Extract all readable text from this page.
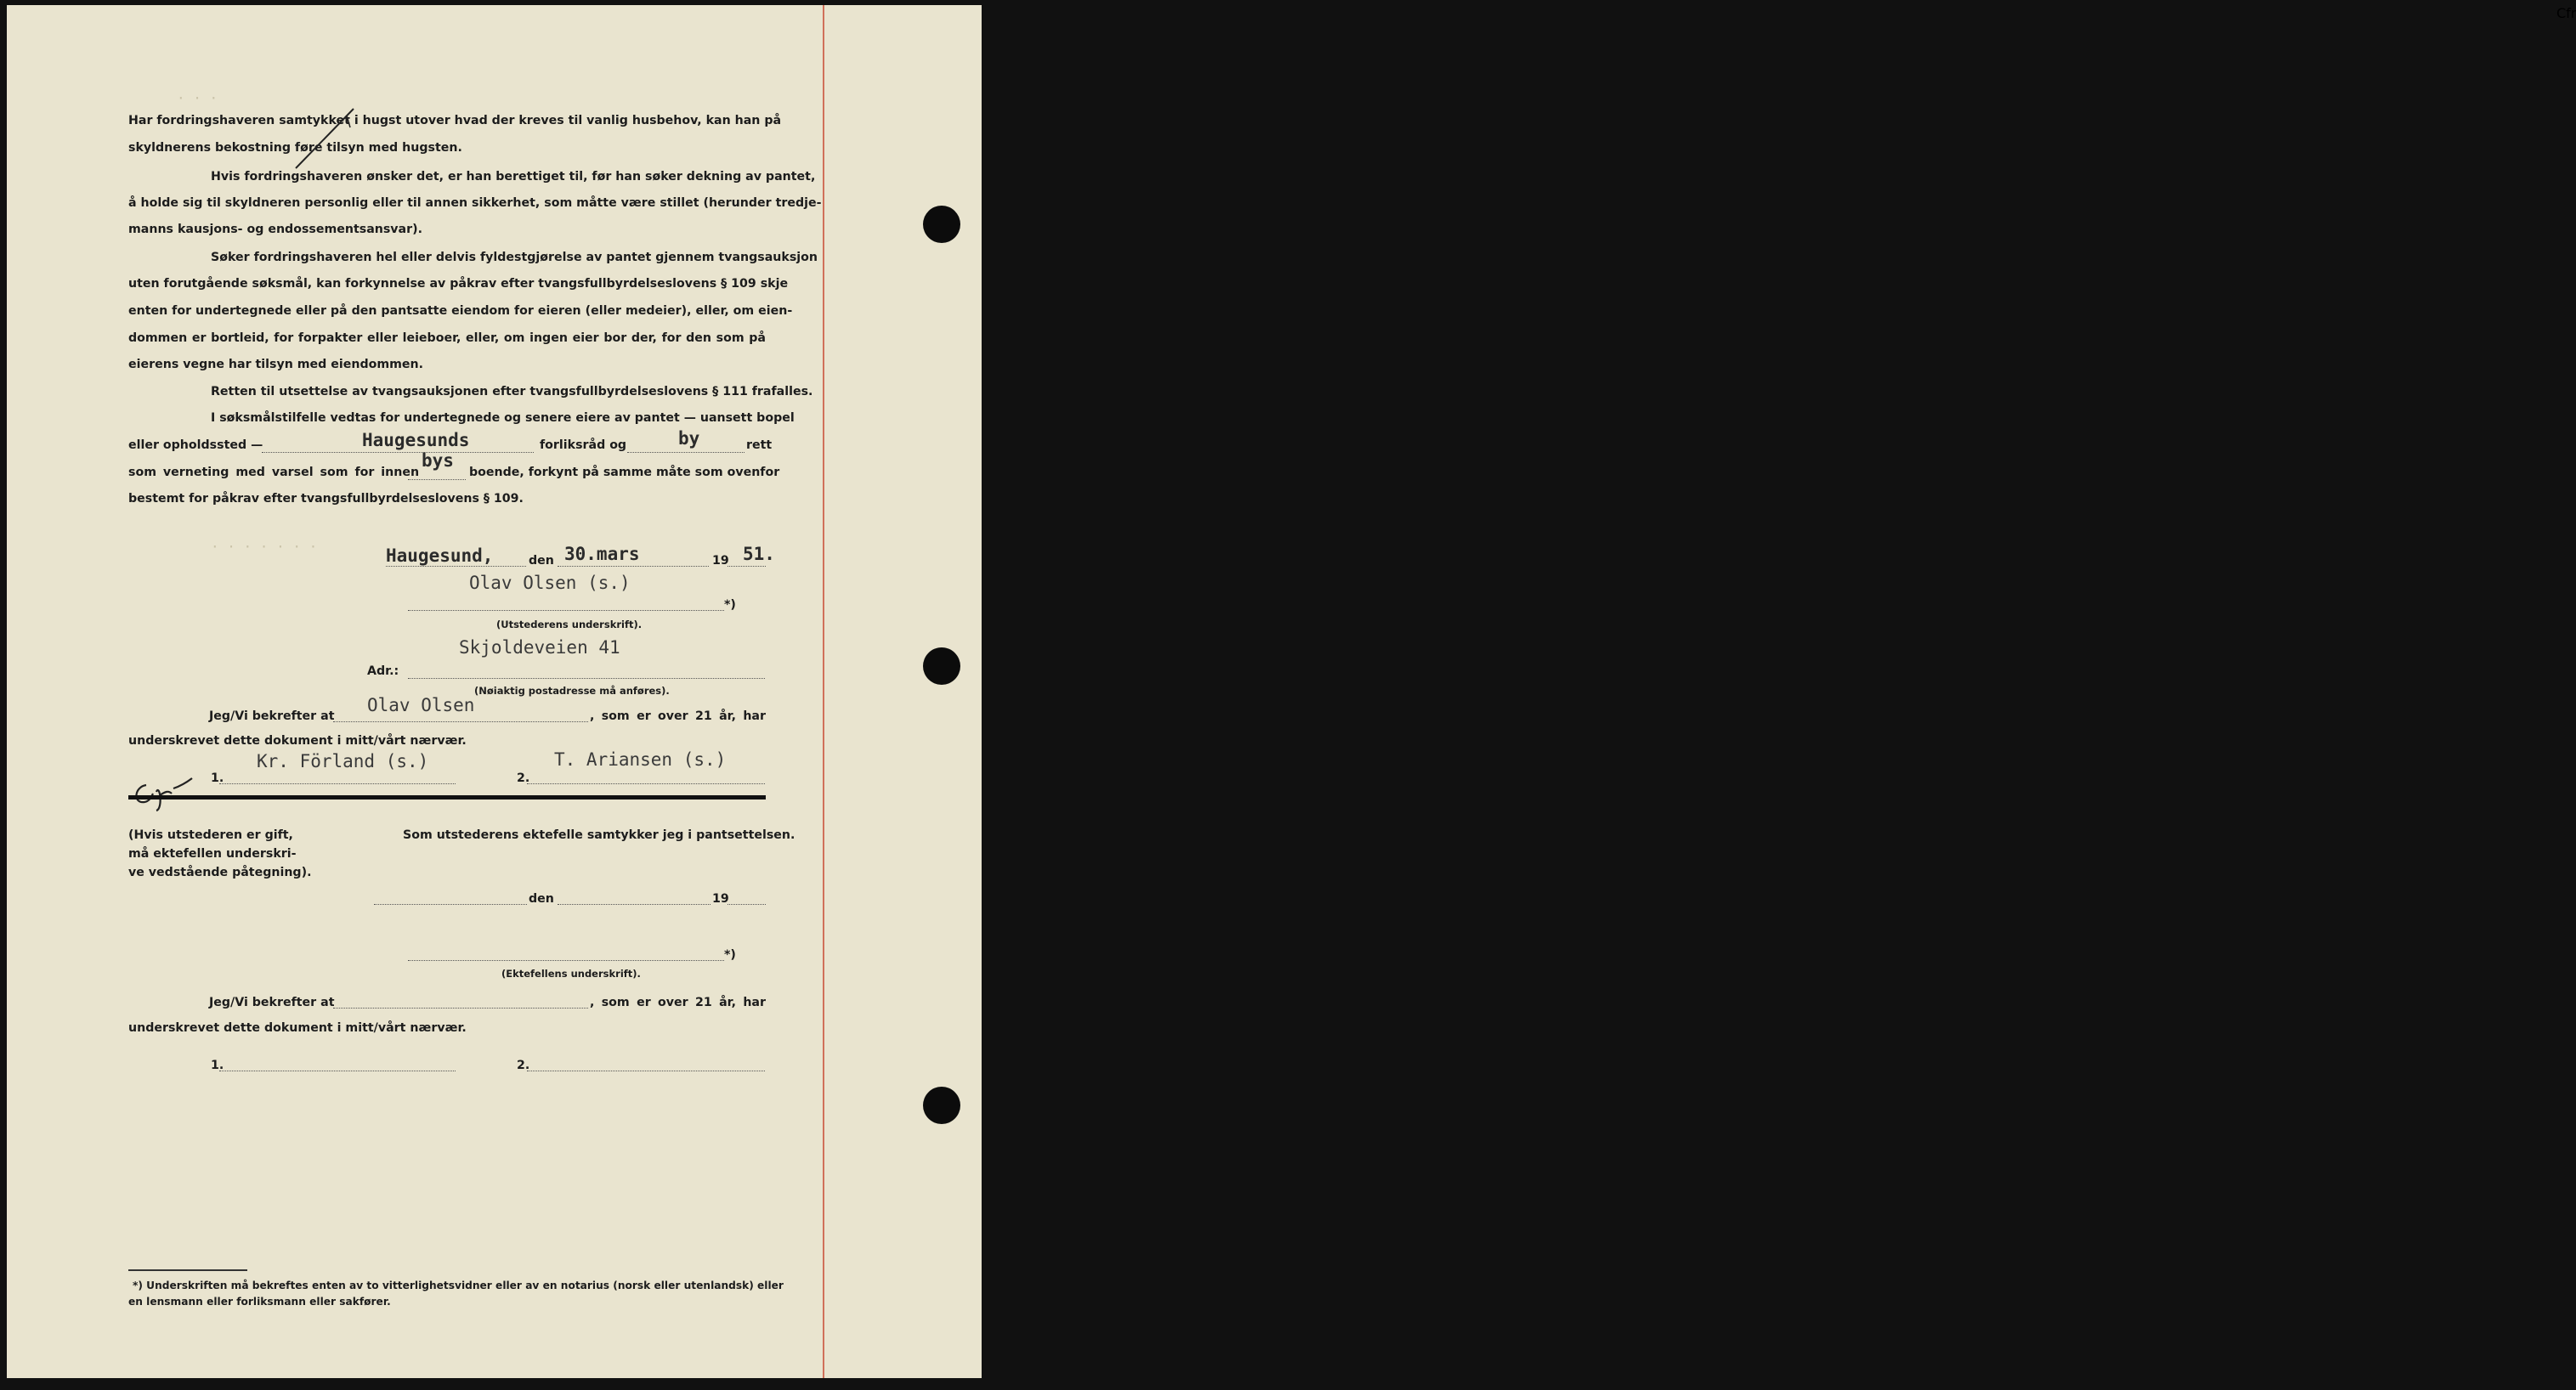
· · ·
· · · · · · ·
Har fordringshaveren samtykket i hugst utover hvad der kreves til vanlig husbehov, kan han på
skyldnerens bekostning føre tilsyn med hugsten.
Hvis fordringshaveren ønsker det, er han berettiget til, før han søker dekning av pantet,
å holde sig til skyldneren personlig eller til annen sikkerhet, som måtte være stillet (herunder tredje-
manns kausjons- og endossementsansvar).
Søker fordringshaveren hel eller delvis fyldestgjørelse av pantet gjennem tvangsauksjon
uten forutgående søksmål, kan forkynnelse av påkrav efter tvangsfullbyrdelseslovens § 109 skje
enten for undertegnede eller på den pantsatte eiendom for eieren (eller medeier), eller, om eien-
dommen er bortleid, for forpakter eller leieboer, eller, om ingen eier bor der, for den som på
eierens vegne har tilsyn med eiendommen.
Retten til utsettelse av tvangsauksjonen efter tvangsfullbyrdelseslovens § 111 frafalles.
I søksmålstilfelle vedtas for undertegnede og senere eiere av pantet — uansett bopel
eller opholdssted —	Haugesunds	forliksråd og	by	rett
som verneting med varsel som for innen
bys
boende, forkynt på samme måte som ovenfor
bestemt for påkrav efter tvangsfullbyrdelseslovens § 109.
Haugesund,	den 30.mars	19 51.
Olav Olsen (s.)
*)
(Utstederens underskrift).
Skjoldeveien 41
Adr.:
(Nøiaktig postadresse må anføres).
Jeg/Vi bekrefter at
Olav Olsen
, som er over 21 år, har
underskrevet dette dokument i mitt/vårt nærvær.
1.
Kr. Förland (s.)
2.
T. Ariansen (s.)
Cfr
(Hvis utstederen er gift,
må ektefellen underskri-
ve vedstående påtegning).
Som utstederens ektefelle samtykker jeg i pantsettelsen.
den	19
*)
(Ektefellens underskrift).
Jeg/Vi bekrefter at	, som er over 21 år, har
underskrevet dette dokument i mitt/vårt nærvær.
1.	2.
*) Underskriften må bekreftes enten av to vitterlighetsvidner eller av en notarius (norsk eller utenlandsk) eller
en lensmann eller forliksmann eller sakfører.
